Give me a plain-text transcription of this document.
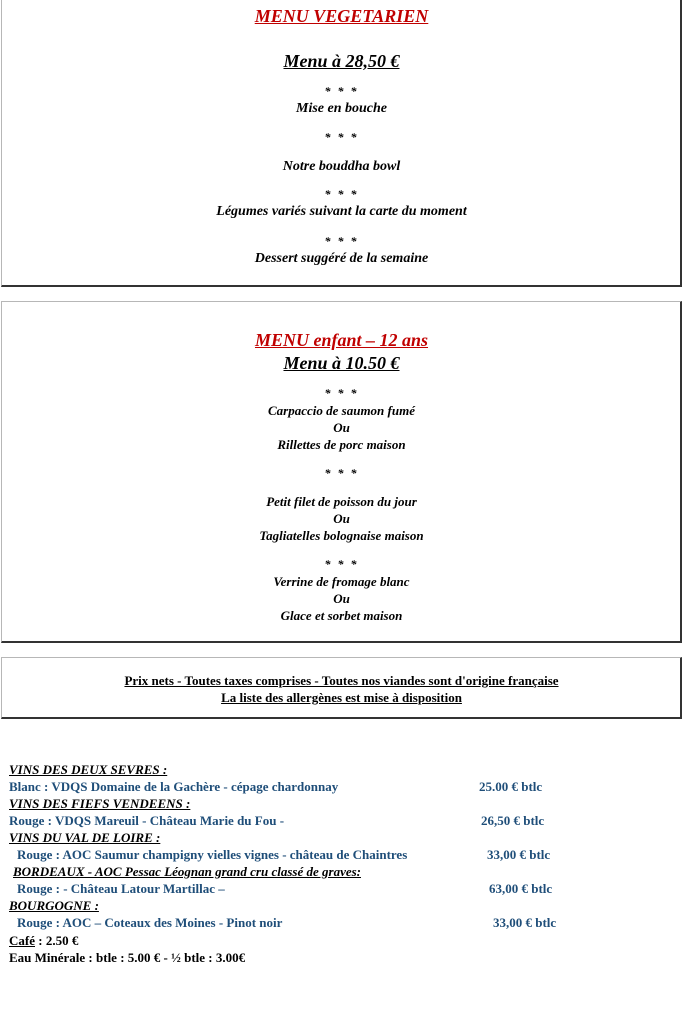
MENU VEGETARIEN
Menu à 28,50 €
* * *
Mise en bouche
* * *
Notre bouddha bowl
* * *
Légumes variés suivant la carte du moment
* * *
Dessert suggéré de la semaine
MENU enfant – 12 ans
Menu à 10.50 €
* * *
Carpaccio de saumon fumé
Ou
Rillettes de porc maison
* * *
Petit filet de poisson du jour
Ou
Tagliatelles bolognaise maison
* * *
Verrine de fromage blanc
Ou
Glace et sorbet maison
Prix nets - Toutes taxes comprises - Toutes nos viandes sont d'origine française
La liste des allergènes est mise à disposition
VINS DES DEUX SEVRES :
Blanc : VDQS Domaine de la Gachère - cépage chardonnay	25.00 € btlc
VINS DES FIEFS VENDEENS :
Rouge : VDQS Mareuil - Château Marie du Fou -	26,50 € btlc
VINS DU VAL DE LOIRE :
Rouge : AOC Saumur champigny vielles vignes - château de Chaintres	33,00 € btlc
BORDEAUX - AOC Pessac Léognan grand cru classé de graves:
Rouge : - Château Latour Martillac –	63,00 € btlc
BOURGOGNE :
Rouge : AOC – Coteaux des Moines - Pinot noir	33,00 € btlc
Café : 2.50 €
Eau Minérale : btle : 5.00 € - ½ btle : 3.00€
